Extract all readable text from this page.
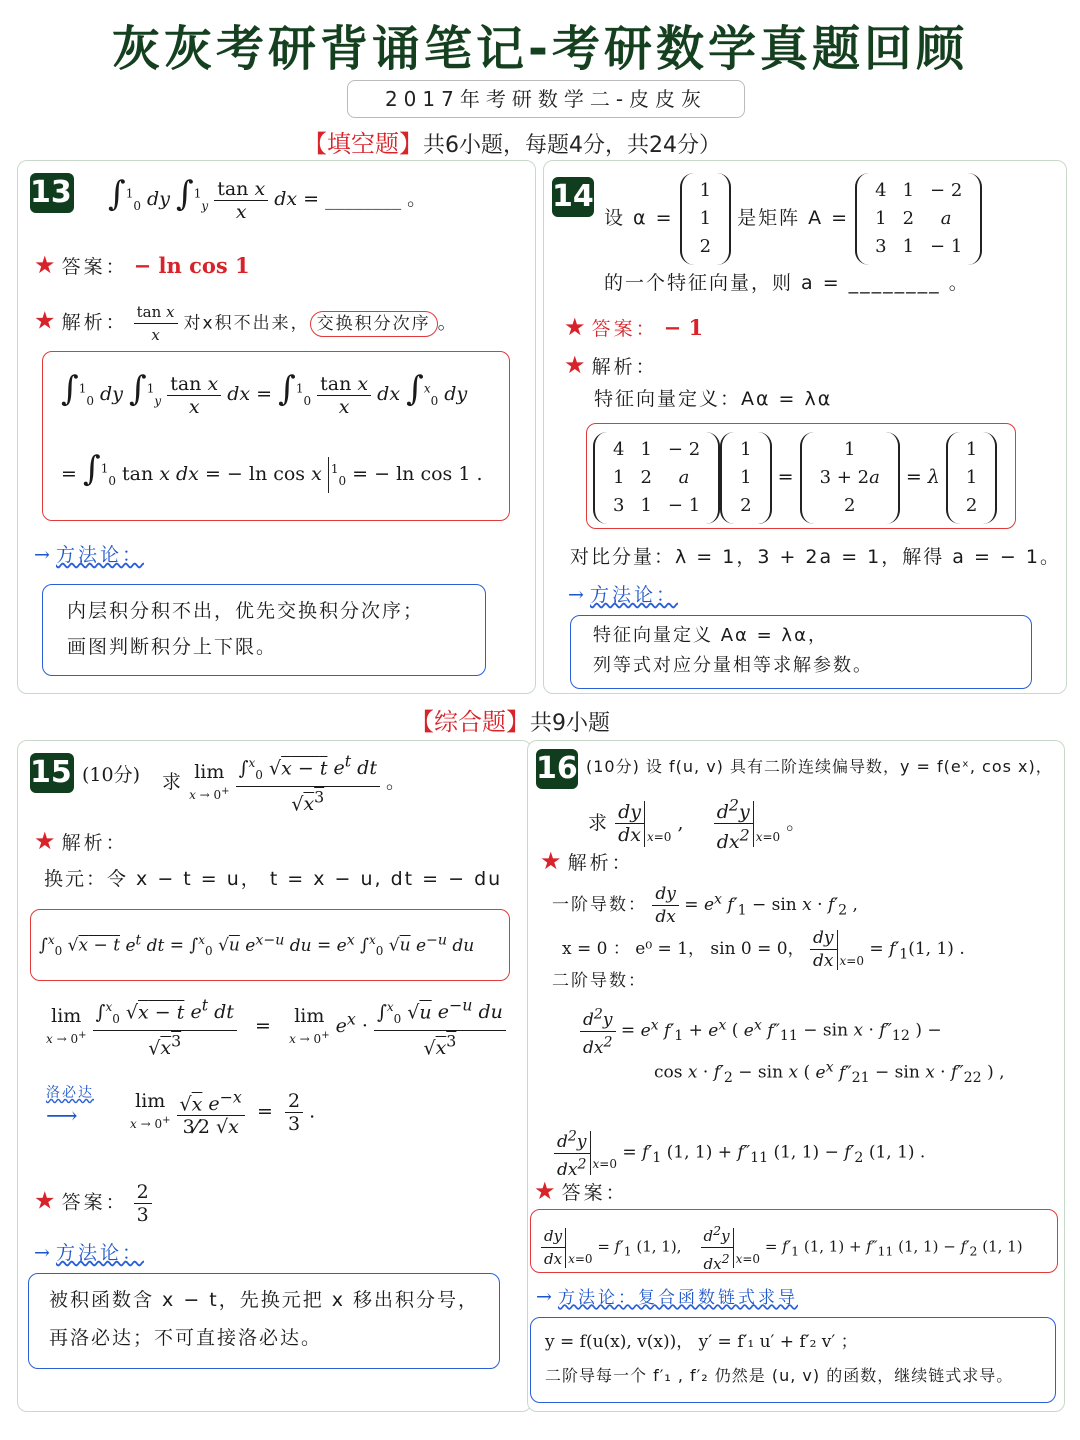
灰灰考研背诵笔记-考研数学真题回顾
2017年考研数学二-皮皮灰
【填空题】共6小题，每题4分，共24分）
13. ∫$^1_0$ dy $\int^1_y \frac{\text{tan x}}{x}$ dx = ________ 。
★ 答案： − ln cos 1
★ 解析： $\frac{\text{tan x}}{x}$ 对x积不出来， 交换积分次序 。
∫$^1_0$ dy $\int^1_y \frac{\text{tan x}}{x}$ dx = $\int^1_0 \frac{\text{tan x}}{x}$ dx ∫$^x_0$ dy
= ∫$^1_0$ tan x dx = − ln cos x $^1_0$ = − ln cos 1 .
→ 方法论：
内层积分积不出，优先交换积分次序；
画图判断积分上下限。
14.
设 α =
1
1
2
是矩阵 A =
4	1	− 2
1	2	a
3	1	− 1
的一个特征向量，则 a = ________ 。
★ 答案： − 1
★ 解析：
特征向量定义：Aα = λα
4	1	− 2
1	2	a
3	1	− 1
1
1
2
=
1
3 + 2a
2
= λ
1
1
2
对比分量：λ = 1，3 + 2a = 1，解得 a = − 1。
→ 方法论：
特征向量定义 Aα = λα，
列等式对应分量相等求解参数。
【综合题】共9小题
15.
(10分) 求 lim
$x \to 0^+ \frac{\int^x_0 √x - t e^t dt}{√x^3}$ 。
★ 解析：
换元：令 x − t = u， t = x − u, dt = − du
∫$^x_0$ √x − t $e^t$ dt = ∫$^x_0$ √u $e^{x-u}$ du = $e^x$ ∫$^x_0$ √u $e^{-u}$ du
lim
$x \to 0^+ \frac{\int^x_0 √x - t e^t dt}{√x^3} = \lim$
x → 0+ $e^x \cdot \frac{\int^x_0 √u e^{-u} du}{√x^3}$
洛必达
⟶
lim
$x \to 0^+ \frac{√x e^{-x}}{3⁄2 √x} = \frac{2}{3}$ .
★ 答案： $\frac{2}{3}$
→ 方法论：
被积函数含 x − t，先换元把 x 移出积分号，
再洛必达；不可直接洛必达。
16.
(10分) 设 f(u, v) 具有二阶连续偏导数，y = f(eˣ, cos x)，
求 $\frac{dy}{dx} _{x=0}$ , $\frac{d^2y}{dx^2} _{x=0}$ 。
★ 解析：
一阶导数： $\frac{dy}{dx} = e^x$ $f'_1 - \sin x \cdot f'_2$ ,
x = 0 ： e⁰ = 1， sin 0 = 0， $\frac{dy}{dx} _{x=0} = f'_1(1$, 1) .
二阶导数：
$\frac{d^2y}{dx^2} = e^x$ $f'_1 + e^x$ ( $e^x$ $f''_{11} - \sin x \cdot f''_{12}$ ) −
$\cos x \cdot f'_2 - \sin x$ ( $e^x$ $f''_{21} - \sin x \cdot f''_{22}$ ) ,
$\frac{d^2y}{dx^2} _{x=0} = f'_1$ (1, $1) + f''_{11}$ (1, $1) - f'_2$ (1, 1) .
★ 答案：
$\frac{dy}{dx} _{x=0} = f'_1$ (1, 1), $\frac{d^2y}{dx^2} _{x=0} = f'_1$ (1, $1) + f''_{11}$ (1, $1) - f'_2$ (1, 1)
→ 方法论：复合函数链式求导
y = f(u(x), v(x))， y′ = f′₁ u′ + f′₂ v′ ；
二阶导每一个 f′₁ , f′₂ 仍然是 (u, v) 的函数，继续链式求导。
